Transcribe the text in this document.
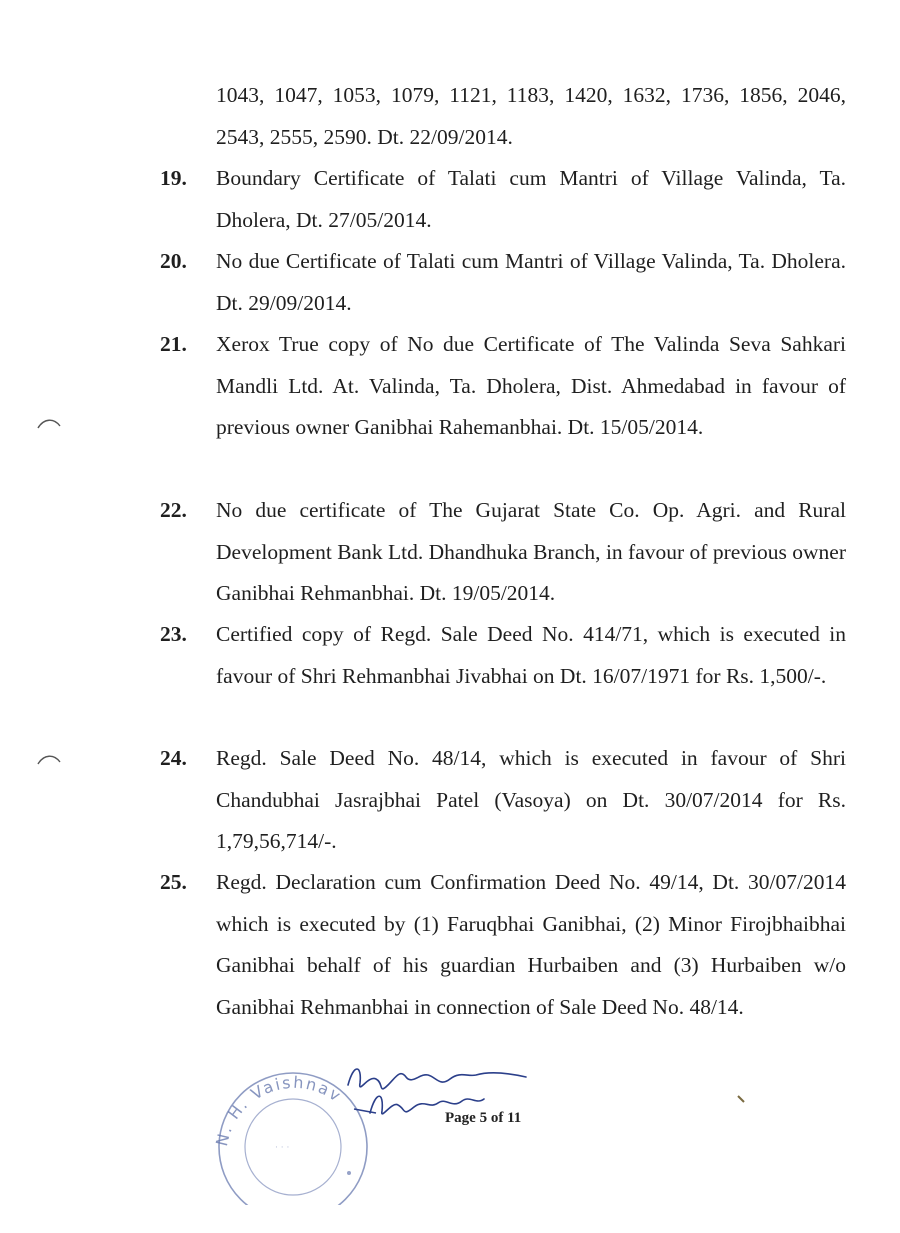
1043, 1047, 1053, 1079, 1121, 1183, 1420, 1632, 1736, 1856, 2046, 2543, 2555, 2590. Dt. 22/09/2014.
19.	Boundary Certificate of Talati cum Mantri of Village Valinda, Ta. Dholera, Dt. 27/05/2014.
20.	No due Certificate of Talati cum Mantri of Village Valinda, Ta. Dholera. Dt. 29/09/2014.
21.	Xerox True copy of No due Certificate of The Valinda Seva Sahkari Mandli Ltd. At. Valinda, Ta. Dholera, Dist. Ahmedabad in favour of previous owner Ganibhai Rahemanbhai. Dt. 15/05/2014.
22.	No due certificate of The Gujarat State Co. Op. Agri. and Rural Development Bank Ltd. Dhandhuka Branch, in favour of previous owner Ganibhai Rehmanbhai. Dt. 19/05/2014.
23.	Certified copy of Regd. Sale Deed No. 414/71, which is executed in favour of Shri Rehmanbhai Jivabhai on Dt. 16/07/1971 for Rs. 1,500/-.
24.	Regd. Sale Deed No. 48/14, which is executed in favour of Shri Chandubhai Jasrajbhai Patel (Vasoya) on Dt. 30/07/2014 for Rs. 1,79,56,714/-.
25.	Regd. Declaration cum Confirmation Deed No. 49/14, Dt. 30/07/2014 which is executed by (1) Faruqbhai Ganibhai, (2) Minor Firojbhaibhai Ganibhai behalf of his guardian Hurbaiben and (3) Hurbaiben w/o Ganibhai Rehmanbhai in connection of Sale Deed No. 48/14.
N. H. Vaishnav
· · ·
Page 5 of 11
